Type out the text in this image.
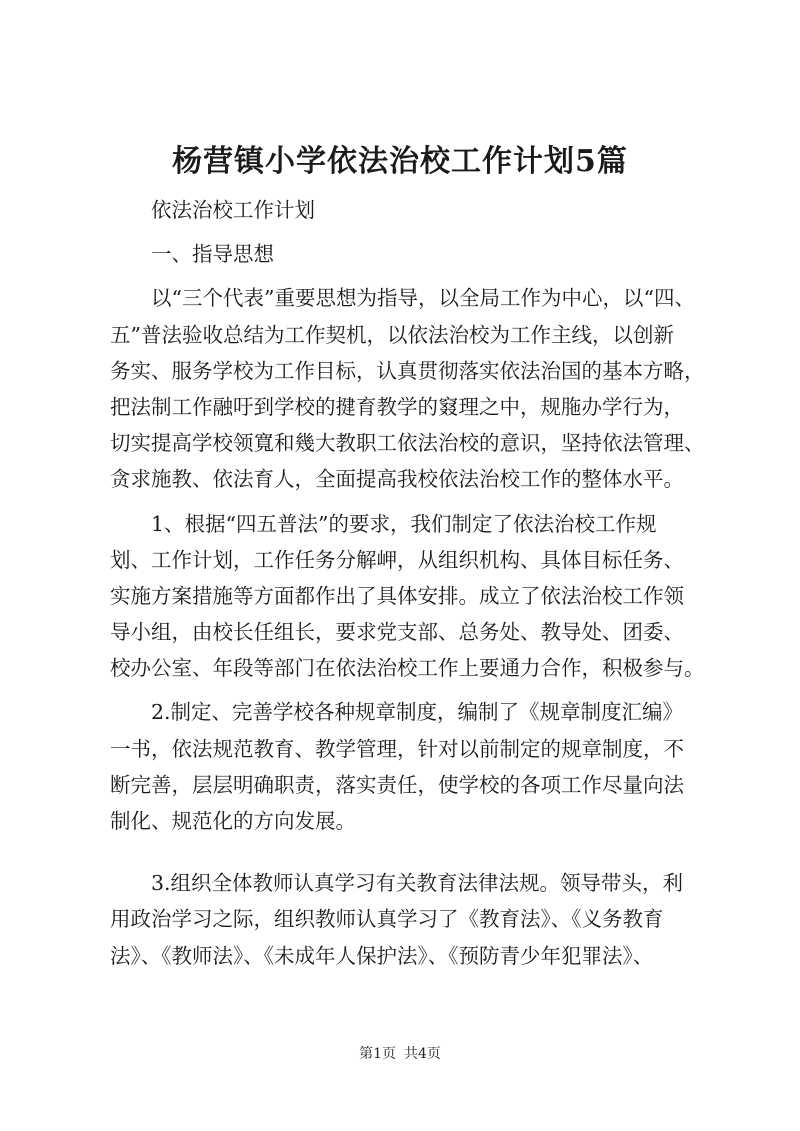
杨营镇小学依法治校工作计划5篇
依法治校工作计划
一、指导思想
以“三个代表”重要思想为指导，以全局工作为中心，以“四、
五”普法验收总结为工作契机，以依法治校为工作主线，以创新
务实、服务学校为工作目标，认真贯彻落实依法治国的基本方略，
把法制工作融吁到学校的揵育教学的窡理之中，规胣办学行为，
切实提高学校领寬和幾大教职工依法治校的意识，坚持依法管理、
贪求施教、依法育人，全面提高我校依法治校工作的整体水平。
1、根据“四五普法”的要求，我们制定了依法治校工作规
划、工作计划，工作任务分解岬，从组织机构、具体目标任务、
实施方案措施等方面都作出了具体安排。成立了依法治校工作领
导小组，由校长任组长，要求党支部、总务处、教导处、团委、
校办公室、年段等部门在依法治校工作上要通力合作，积极参与。
2.制定、完善学校各种规章制度，编制了《规章制度汇编》
一书，依法规范教育、教学管理，针对以前制定的规章制度，不
断完善，层层明确职责，落实责任，使学校的各项工作尽量向法
制化、规范化的方向发展。
3.组织全体教师认真学习有关教育法律法规。领导带头，利
用政治学习之际，组织教师认真学习了《教育法》、《义务教育
法》、《教师法》、《未成年人保护法》、《预防青少年犯罪法》、
第1页 共4页
